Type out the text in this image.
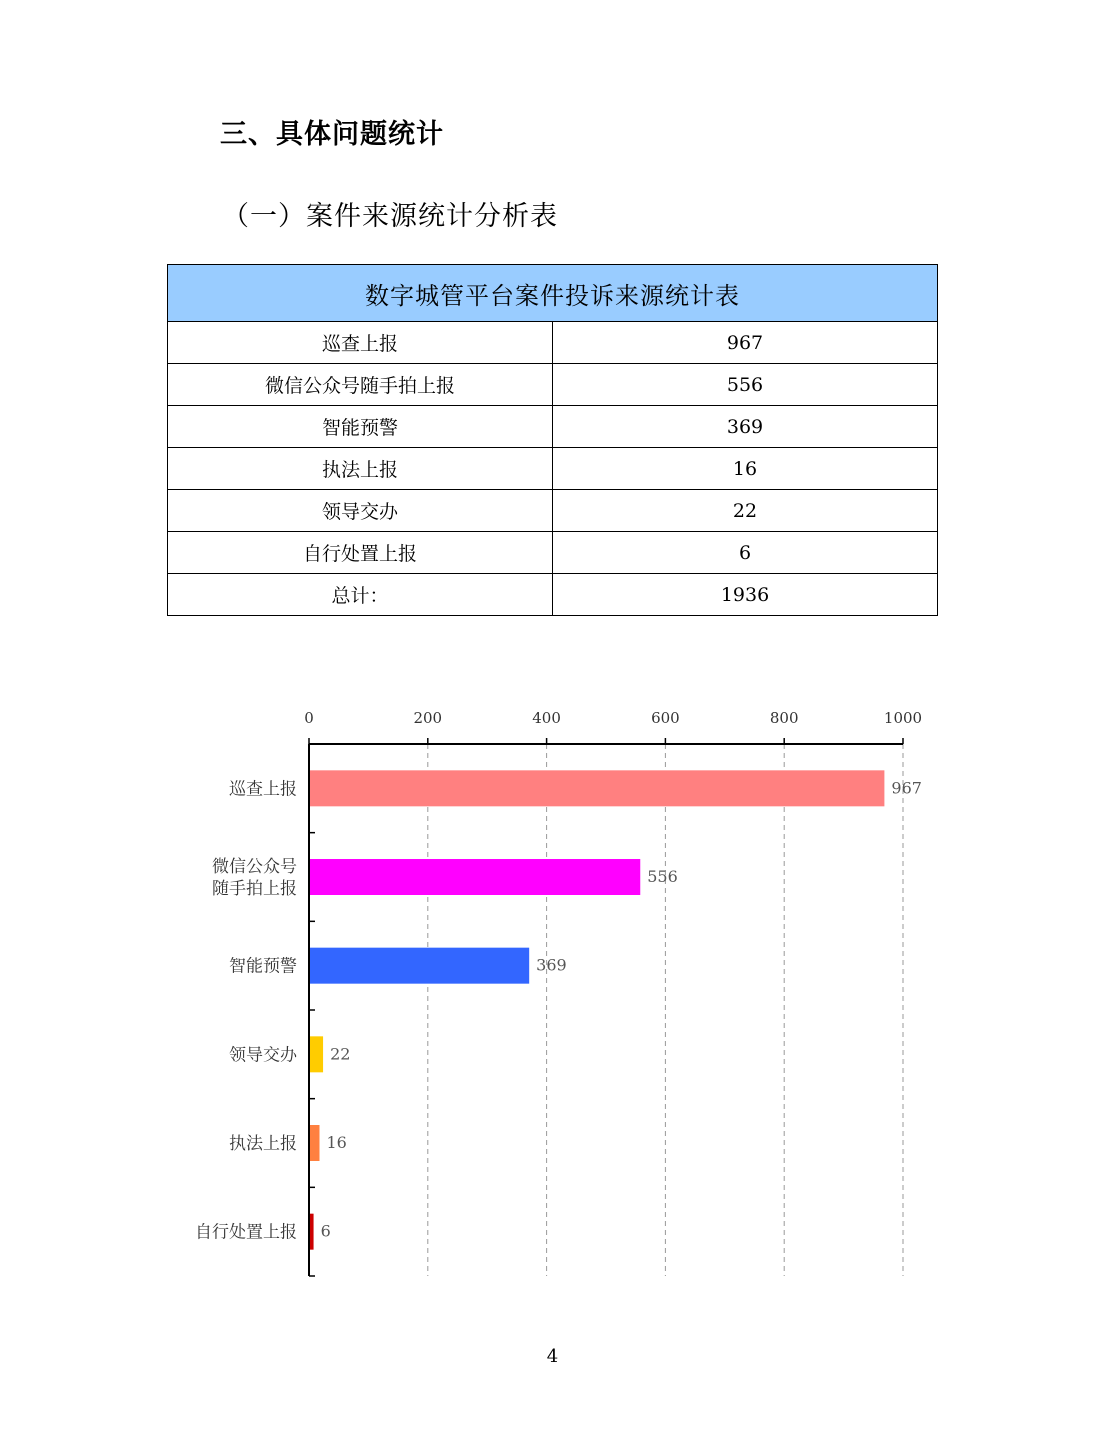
三、具体问题统计
（一）案件来源统计分析表
数字城管平台案件投诉来源统计表	
巡查上报	967
微信公众号随手拍上报	556
智能预警	369
执法上报	16
领导交办	22
自行处置上报	6
总计：	1936
0	200	400	600	800	1000
967
巡查上报
556
微信公众号
随手拍上报
369
智能预警
22
领导交办
16
执法上报
6
自行处置上报
4
